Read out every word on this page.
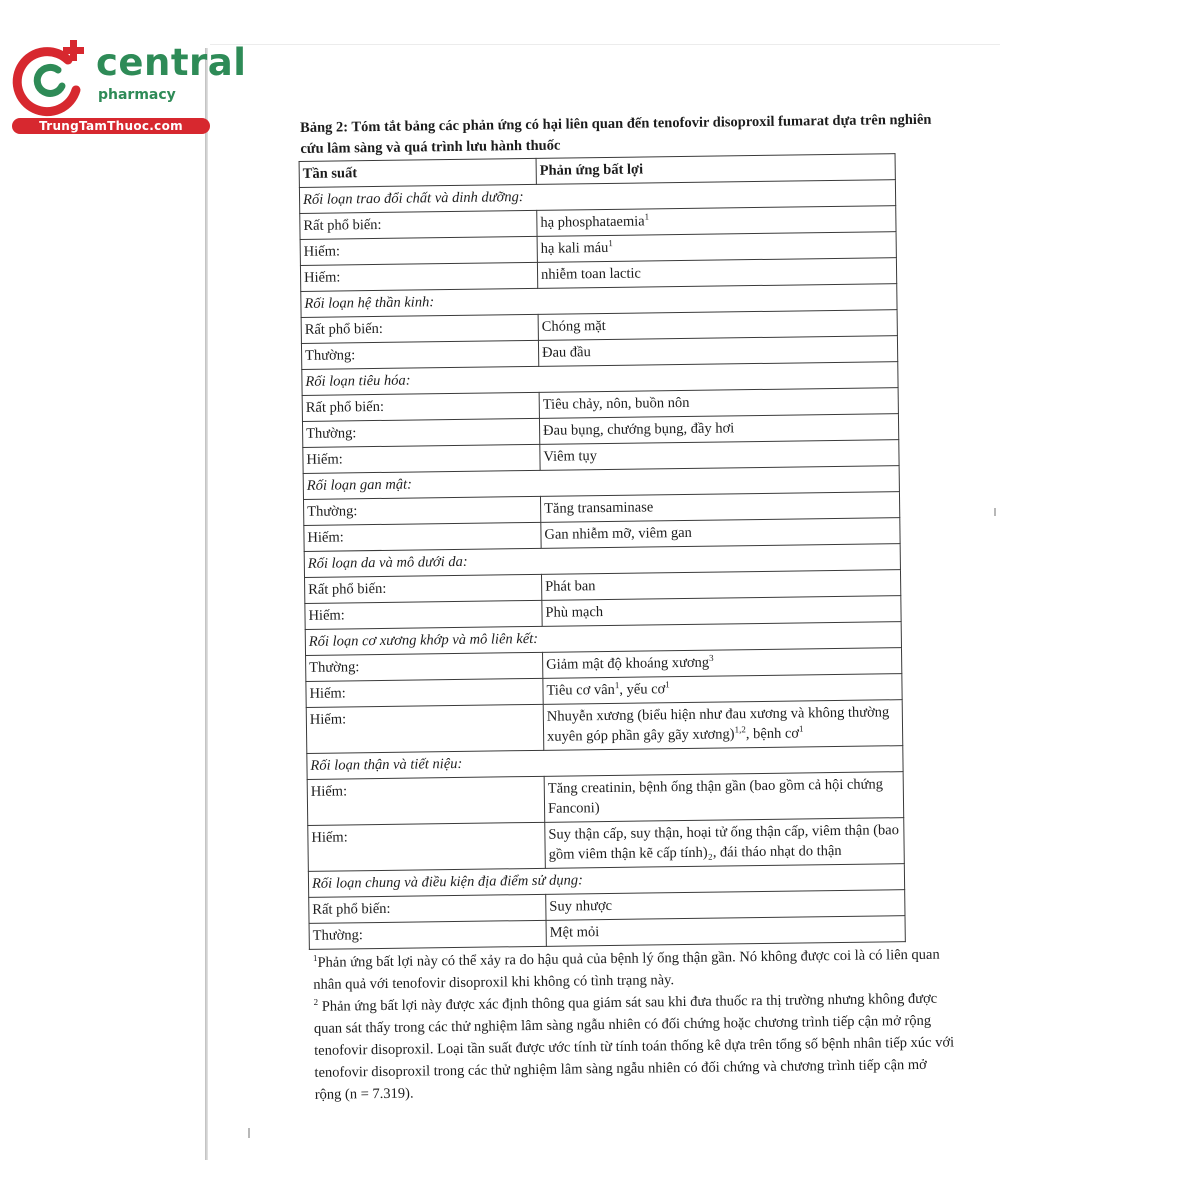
central
pharmacy
TrungTamThuoc.com	Bảng 2: Tóm tắt bảng các phản ứng có hại liên quan đến tenofovir disoproxil fumarat dựa trên nghiên cứu lâm sàng và quá trình lưu hành thuốc

Tần suất	Phản ứng bất lợi
Rối loạn trao đổi chất và dinh dưỡng:	
Rất phổ biến:	hạ phosphataemia$^1$
Hiếm:	hạ kali máu$^1$
Hiếm:	nhiễm toan lactic
Rối loạn hệ thần kinh:	
Rất phổ biến:	Chóng mặt
Thường:	Đau đầu
Rối loạn tiêu hóa:	
Rất phổ biến:	Tiêu chảy, nôn, buồn nôn
Thường:	Đau bụng, chướng bụng, đầy hơi
Hiếm:	Viêm tụy
Rối loạn gan mật:	
Thường:	Tăng transaminase
Hiếm:	Gan nhiễm mỡ, viêm gan
Rối loạn da và mô dưới da:	
Rất phổ biến:	Phát ban
Hiếm:	Phù mạch
Rối loạn cơ xương khớp và mô liên kết:	
Thường:	Giảm mật độ khoáng xương$^3$
Hiếm:	Tiêu cơ vân$^1$, yếu $cơ^1$
Hiếm:	Nhuyễn xương (biểu hiện như đau xương và không thường xuyên góp phần gây gãy xương)$^{1,2}$, bệnh $cơ^1$
Rối loạn thận và tiết niệu:	
Hiếm:	Tăng creatinin, bệnh ống thận gần (bao gồm cả hội chứng Fanconi)
Hiếm:	Suy thận cấp, suy thận, hoại tử ống thận cấp, viêm thận (bao gồm viêm thận kẽ cấp tính)₂, đái tháo nhạt do thận
Rối loạn chung và điều kiện địa điểm sử dụng:	
Rất phổ biến:	Suy nhược
Thường:	Mệt mỏi

$^1$Phản ứng bất lợi này có thể xảy ra do hậu quả của bệnh lý ống thận gần. Nó không được coi là có liên quan nhân quả với tenofovir disoproxil khi không có tình trạng này.

$^2$ Phản ứng bất lợi này được xác định thông qua giám sát sau khi đưa thuốc ra thị trường nhưng không được quan sát thấy trong các thử nghiệm lâm sàng ngẫu nhiên có đối chứng hoặc chương trình tiếp cận mở rộng tenofovir disoproxil. Loại tần suất được ước tính từ tính toán thống kê dựa trên tổng số bệnh nhân tiếp xúc với tenofovir disoproxil trong các thử nghiệm lâm sàng ngẫu nhiên có đối chứng và chương trình tiếp cận mở rộng (n = 7.319).
